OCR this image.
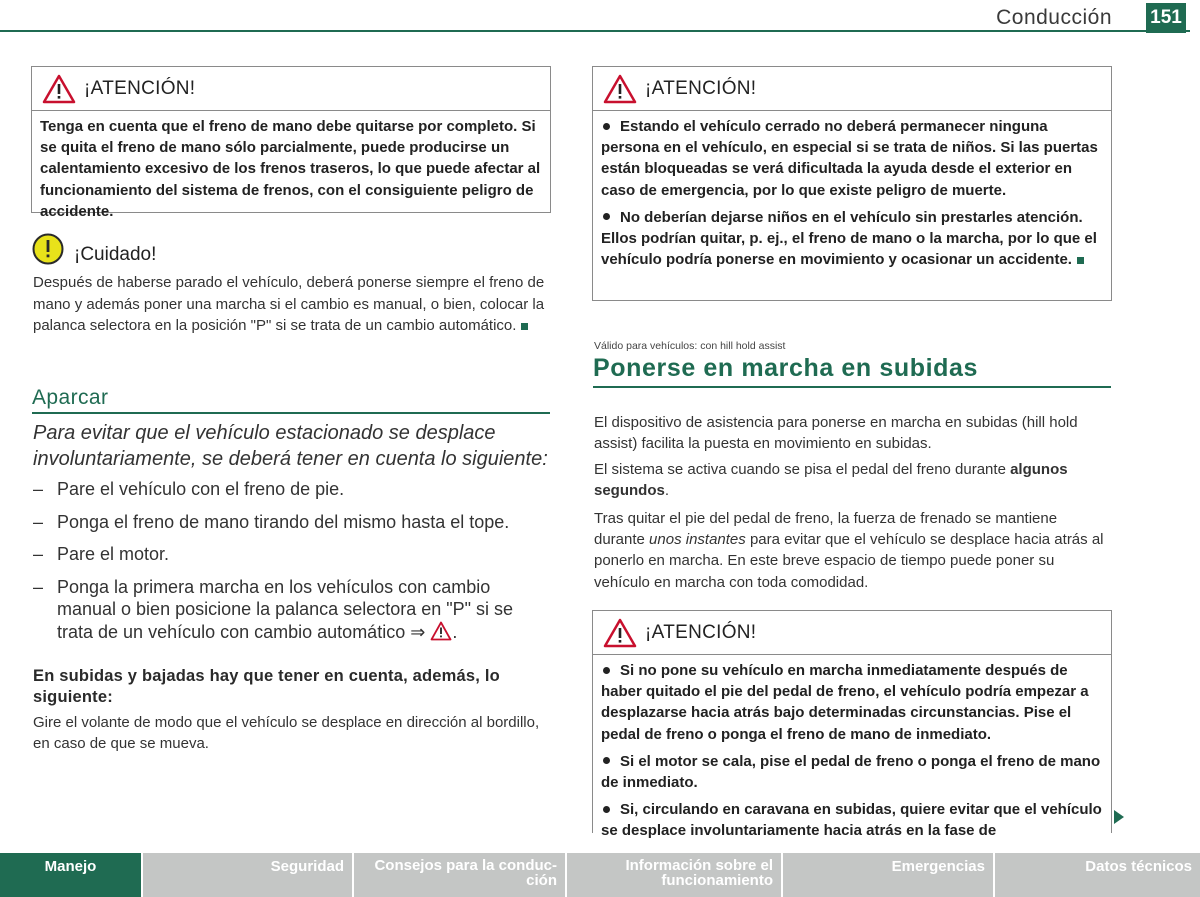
Conducción 151
¡ATENCIÓN!

Tenga en cuenta que el freno de mano debe quitarse por completo. Si se quita el freno de mano sólo parcialmente, puede producirse un calentamiento excesivo de los frenos traseros, lo que puede afectar al funcionamiento del sistema de frenos, con el consiguiente peligro de accidente.

¡Cuidado!
Después de haberse parado el vehículo, deberá ponerse siempre el freno de mano y además poner una marcha si el cambio es manual, o bien, colocar la palanca selectora en la posición "P" si se trata de un cambio automático.
Aparcar
Para evitar que el vehículo estacionado se desplace involuntariamente, se deberá tener en cuenta lo siguiente:
– Pare el vehículo con el freno de pie.
– Ponga el freno de mano tirando del mismo hasta el tope.
– Pare el motor.
– Ponga la primera marcha en los vehículos con cambio manual o bien posicione la palanca selectora en "P" si se trata de un vehículo con cambio automático ⇒ .
En subidas y bajadas hay que tener en cuenta, además, lo siguiente:
Gire el volante de modo que el vehículo se desplace en dirección al bordillo, en caso de que se mueva.
¡ATENCIÓN!

Estando el vehículo cerrado no deberá permanecer ninguna persona en el vehículo, en especial si se trata de niños. Si las puertas están bloqueadas se verá dificultada la ayuda desde el exterior en caso de emergencia, por lo que existe peligro de muerte.

No deberían dejarse niños en el vehículo sin prestarles atención. Ellos podrían quitar, p. ej., el freno de mano o la marcha, por lo que el vehículo podría ponerse en movimiento y ocasionar un accidente.

Válido para vehículos: con hill hold assist
Ponerse en marcha en subidas
El dispositivo de asistencia para ponerse en marcha en subidas (hill hold assist) facilita la puesta en movimiento en subidas.
El sistema se activa cuando se pisa el pedal del freno durante algunos segundos.
Tras quitar el pie del pedal de freno, la fuerza de frenado se mantiene durante unos instantes para evitar que el vehículo se desplace hacia atrás al ponerlo en marcha. En este breve espacio de tiempo puede poner su vehículo en marcha con toda comodidad.
¡ATENCIÓN!

Si no pone su vehículo en marcha inmediatamente después de haber quitado el pie del pedal de freno, el vehículo podría empezar a desplazarse hacia atrás bajo determinadas circunstancias. Pise el pedal de freno o ponga el freno de mano de inmediato.

Si el motor se cala, pise el pedal de freno o ponga el freno de mano de inmediato.

Si, circulando en caravana en subidas, quiere evitar que el vehículo se desplace involuntariamente hacia atrás en la fase de

Manejo	Seguridad	Consejos para la conduc-
ción
Información sobre el
funcionamiento
Emergencias	Datos técnicos
